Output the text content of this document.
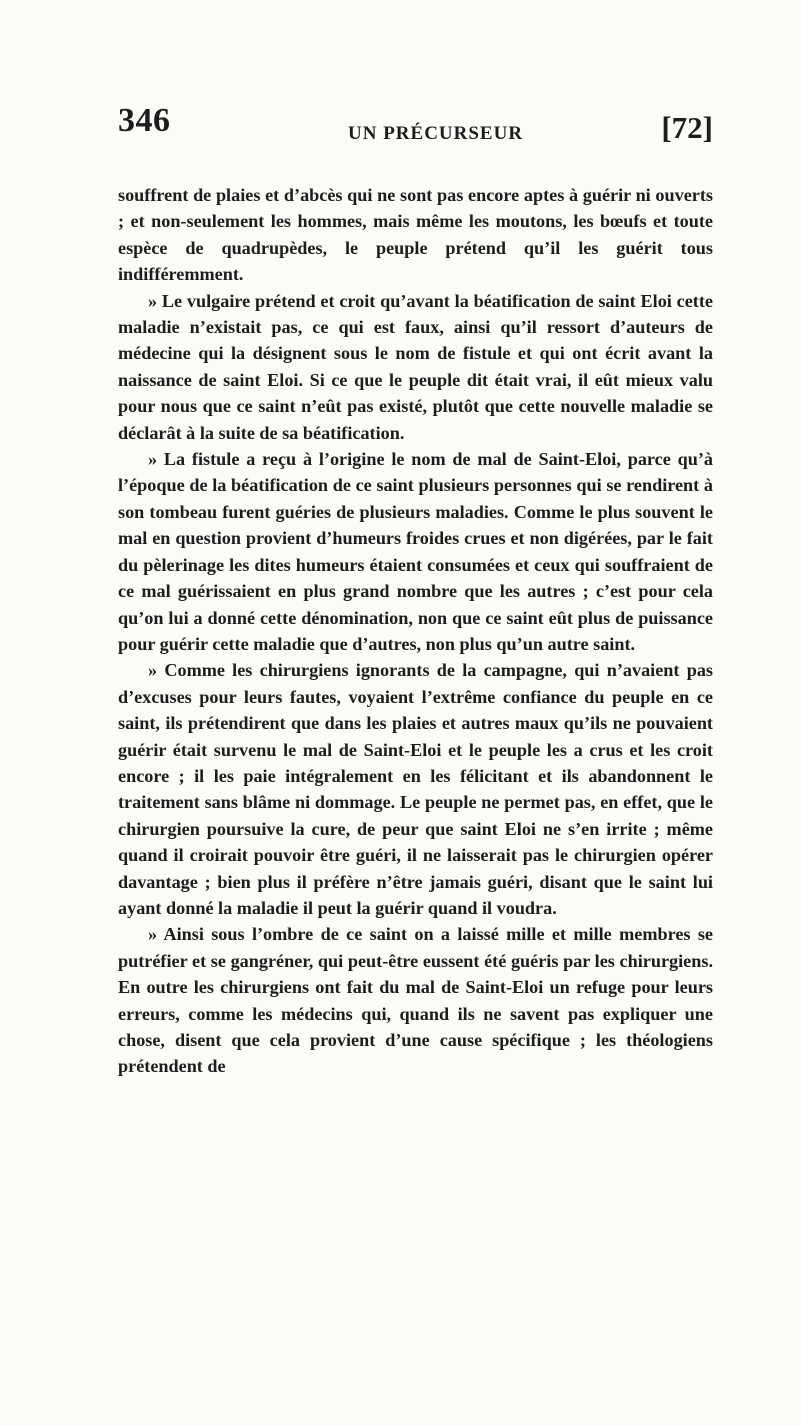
346	UN PRÉCURSEUR	[72]

souffrent de plaies et d’abcès qui ne sont pas encore aptes à guérir ni ouverts ; et non-seulement les hommes, mais même les moutons, les bœufs et toute espèce de quadrupèdes, le peuple prétend qu’il les guérit tous indifféremment.

» Le vulgaire prétend et croit qu’avant la béatification de saint Eloi cette maladie n’existait pas, ce qui est faux, ainsi qu’il ressort d’auteurs de médecine qui la désignent sous le nom de fistule et qui ont écrit avant la naissance de saint Eloi. Si ce que le peuple dit était vrai, il eût mieux valu pour nous que ce saint n’eût pas existé, plutôt que cette nouvelle maladie se déclarât à la suite de sa béatification.

» La fistule a reçu à l’origine le nom de mal de Saint-Eloi, parce qu’à l’époque de la béatification de ce saint plusieurs personnes qui se rendirent à son tombeau furent guéries de plusieurs maladies. Comme le plus souvent le mal en question provient d’humeurs froides crues et non digérées, par le fait du pèlerinage les dites humeurs étaient consumées et ceux qui souffraient de ce mal guérissaient en plus grand nombre que les autres ; c’est pour cela qu’on lui a donné cette dénomination, non que ce saint eût plus de puissance pour guérir cette maladie que d’autres, non plus qu’un autre saint.

» Comme les chirurgiens ignorants de la campagne, qui n’avaient pas d’excuses pour leurs fautes, voyaient l’extrême confiance du peuple en ce saint, ils prétendirent que dans les plaies et autres maux qu’ils ne pouvaient guérir était survenu le mal de Saint-Eloi et le peuple les a crus et les croit encore ; il les paie intégralement en les félicitant et ils abandonnent le traitement sans blâme ni dommage. Le peuple ne permet pas, en effet, que le chirurgien poursuive la cure, de peur que saint Eloi ne s’en irrite ; même quand il croirait pouvoir être guéri, il ne laisserait pas le chirurgien opérer davantage ; bien plus il préfère n’être jamais guéri, disant que le saint lui ayant donné la maladie il peut la guérir quand il voudra.

» Ainsi sous l’ombre de ce saint on a laissé mille et mille membres se putréfier et se gangréner, qui peut-être eussent été guéris par les chirurgiens. En outre les chirurgiens ont fait du mal de Saint-Eloi un refuge pour leurs erreurs, comme les médecins qui, quand ils ne savent pas expliquer une chose, disent que cela provient d’une cause spécifique ; les théologiens prétendent de
